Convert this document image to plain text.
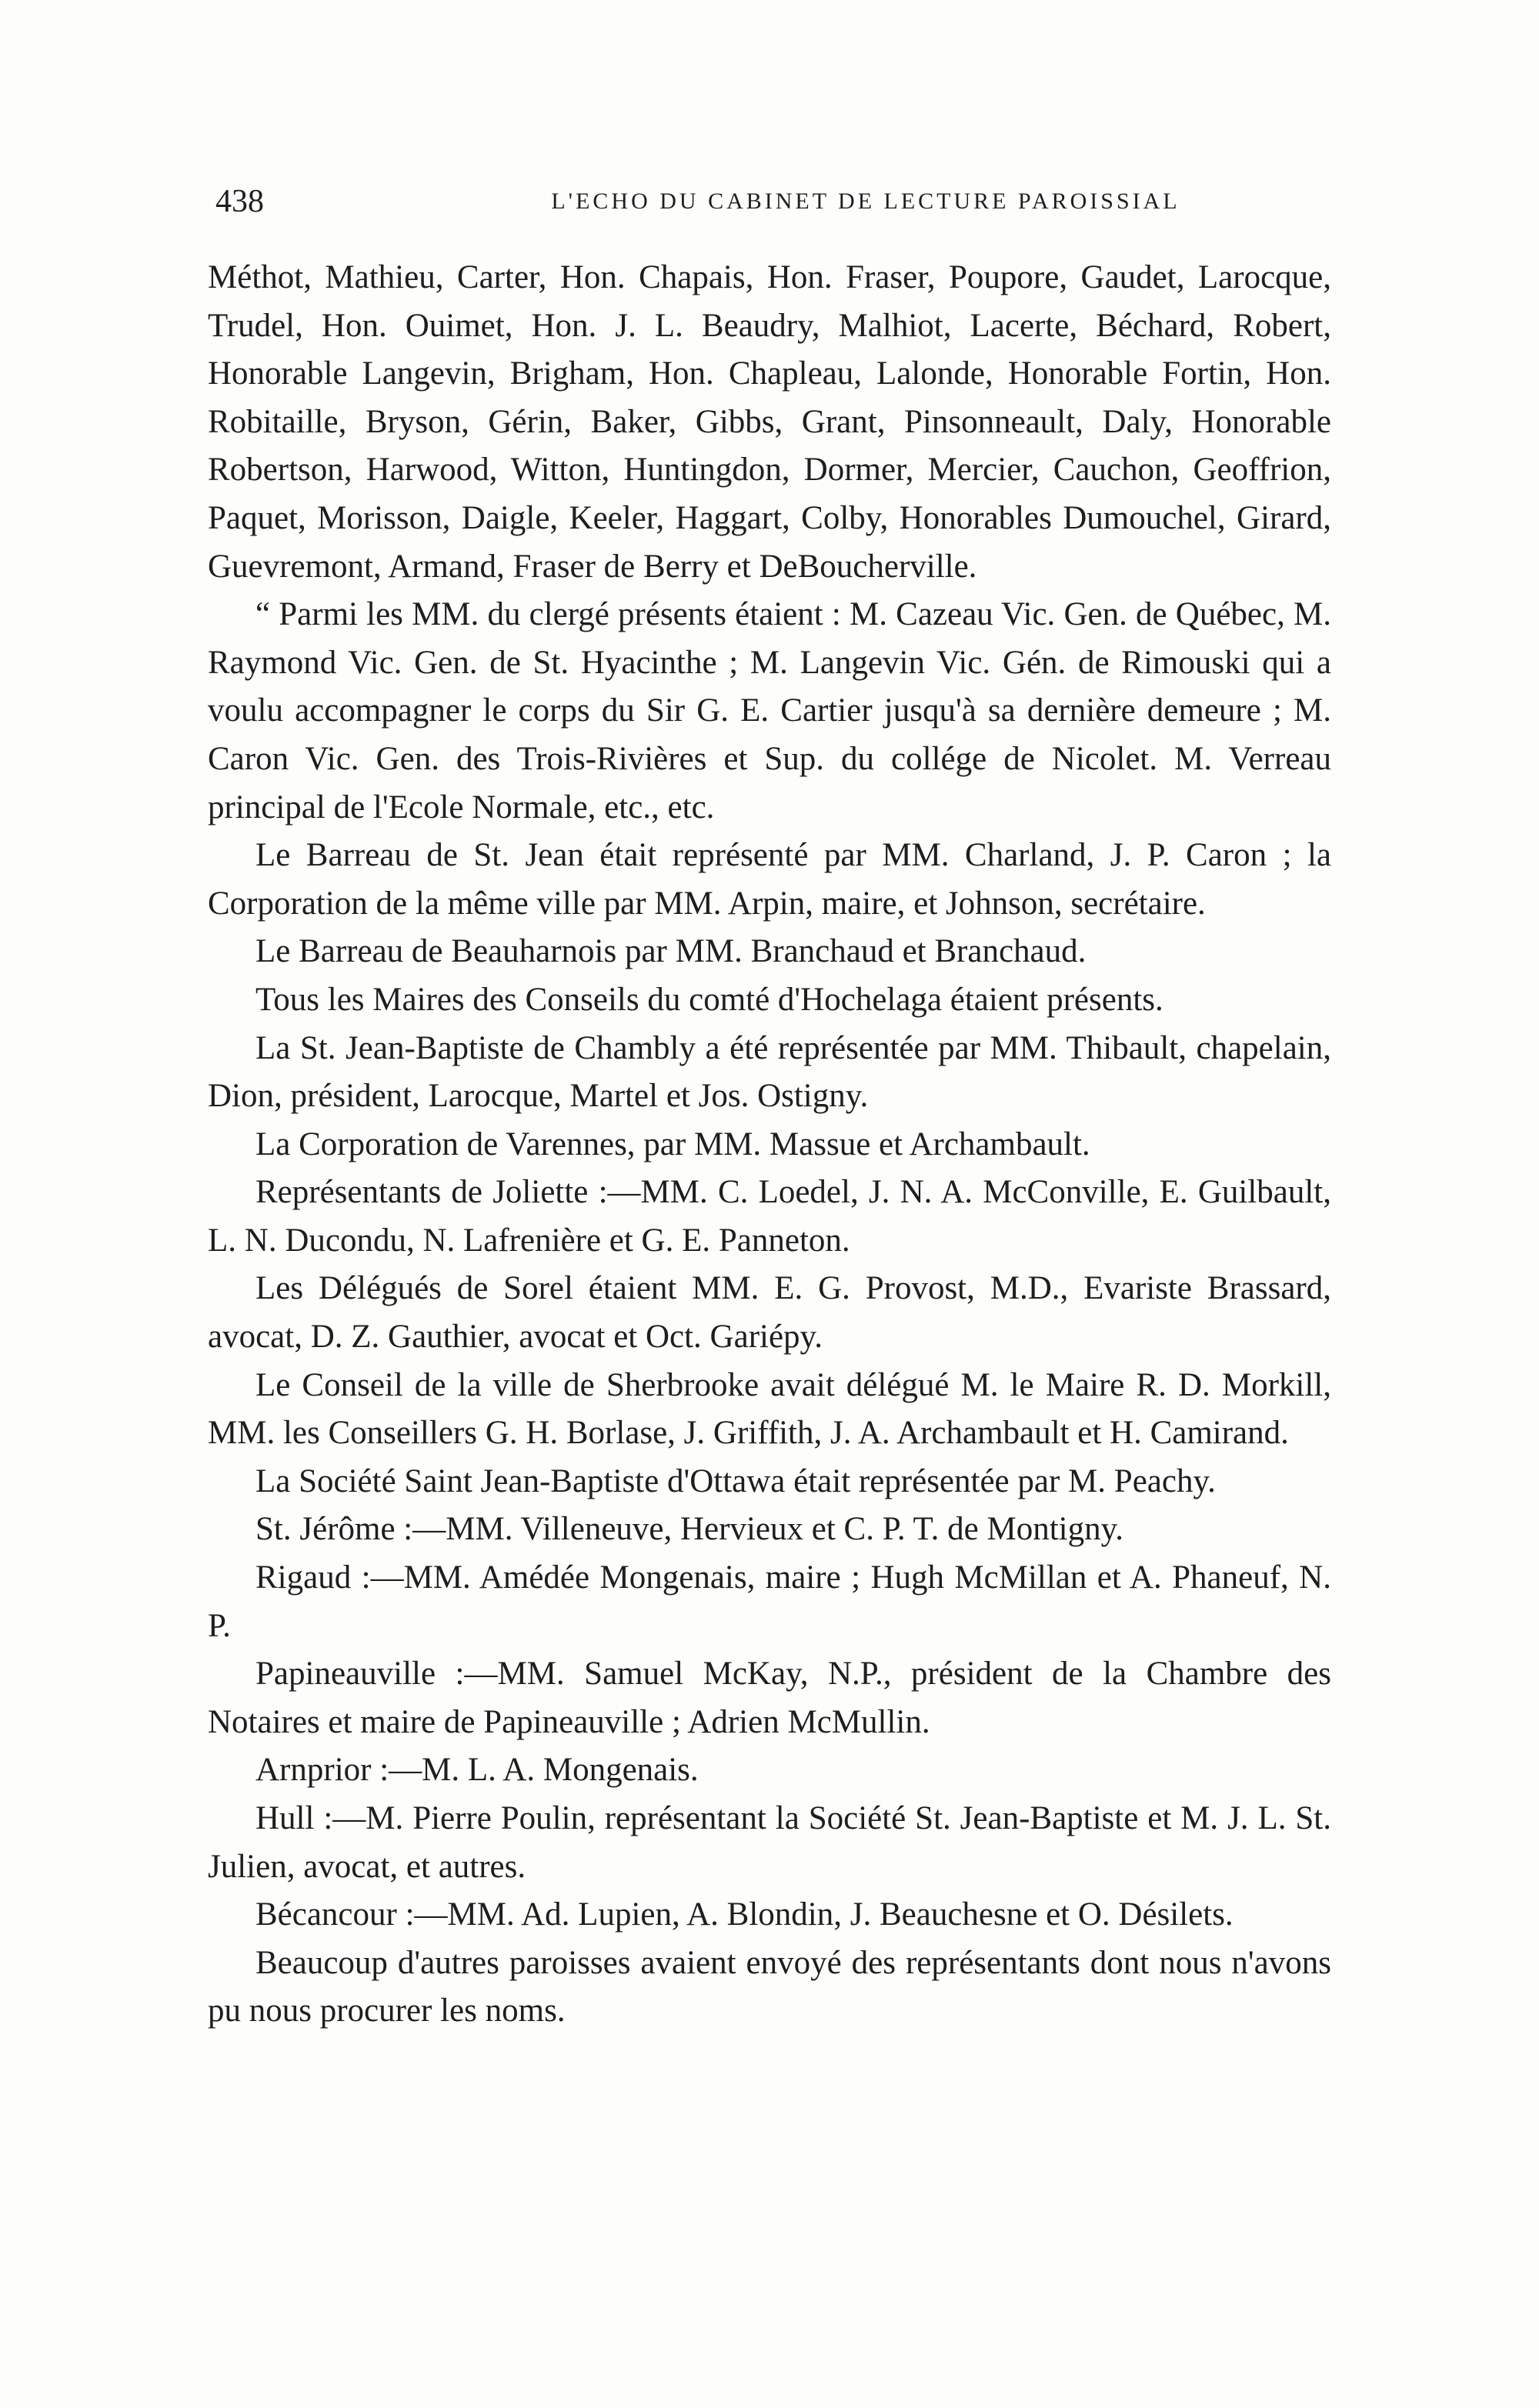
438	L'ECHO DU CABINET DE LECTURE PAROISSIAL

Méthot, Mathieu, Carter, Hon. Chapais, Hon. Fraser, Poupore, Gaudet, Larocque, Trudel, Hon. Ouimet, Hon. J. L. Beaudry, Malhiot, Lacerte, Béchard, Robert, Honorable Langevin, Brigham, Hon. Chapleau, Lalonde, Honorable Fortin, Hon. Robitaille, Bryson, Gérin, Baker, Gibbs, Grant, Pinsonneault, Daly, Honorable Robertson, Harwood, Witton, Huntingdon, Dormer, Mercier, Cauchon, Geoffrion, Paquet, Morisson, Daigle, Keeler, Haggart, Colby, Honorables Dumouchel, Girard, Guevremont, Armand, Fraser de Berry et DeBoucherville.

“ Parmi les MM. du clergé présents étaient : M. Cazeau Vic. Gen. de Québec, M. Raymond Vic. Gen. de St. Hyacinthe ; M. Langevin Vic. Gén. de Rimouski qui a voulu accompagner le corps du Sir G. E. Cartier jusqu'à sa dernière demeure ; M. Caron Vic. Gen. des Trois-Rivières et Sup. du collége de Nicolet. M. Verreau principal de l'Ecole Normale, etc., etc.

Le Barreau de St. Jean était représenté par MM. Charland, J. P. Caron ; la Corporation de la même ville par MM. Arpin, maire, et Johnson, secrétaire.

Le Barreau de Beauharnois par MM. Branchaud et Branchaud.

Tous les Maires des Conseils du comté d'Hochelaga étaient présents.

La St. Jean-Baptiste de Chambly a été représentée par MM. Thibault, chapelain, Dion, président, Larocque, Martel et Jos. Ostigny.

La Corporation de Varennes, par MM. Massue et Archambault.

Représentants de Joliette :—MM. C. Loedel, J. N. A. McConville, E. Guilbault, L. N. Ducondu, N. Lafrenière et G. E. Panneton.

Les Délégués de Sorel étaient MM. E. G. Provost, M.D., Evariste Brassard, avocat, D. Z. Gauthier, avocat et Oct. Gariépy.

Le Conseil de la ville de Sherbrooke avait délégué M. le Maire R. D. Morkill, MM. les Conseillers G. H. Borlase, J. Griffith, J. A. Archambault et H. Camirand.

La Société Saint Jean-Baptiste d'Ottawa était représentée par M. Peachy.

St. Jérôme :—MM. Villeneuve, Hervieux et C. P. T. de Montigny.

Rigaud :—MM. Amédée Mongenais, maire ; Hugh McMillan et A. Phaneuf, N. P.

Papineauville :—MM. Samuel McKay, N.P., président de la Chambre des Notaires et maire de Papineauville ; Adrien McMullin.

Arnprior :—M. L. A. Mongenais.

Hull :—M. Pierre Poulin, représentant la Société St. Jean-Baptiste et M. J. L. St. Julien, avocat, et autres.

Bécancour :—MM. Ad. Lupien, A. Blondin, J. Beauchesne et O. Désilets.

Beaucoup d'autres paroisses avaient envoyé des représentants dont nous n'avons pu nous procurer les noms.
